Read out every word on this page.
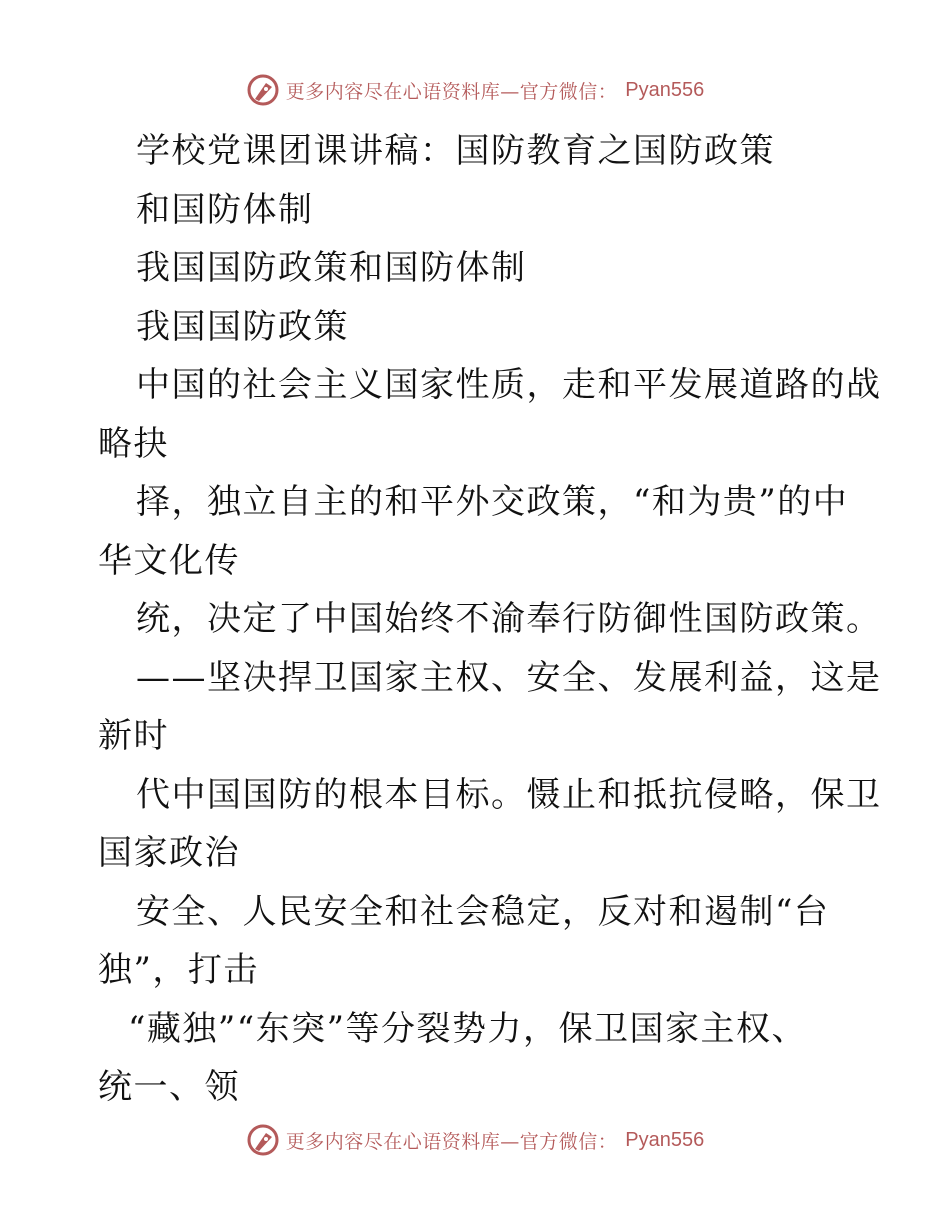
更多内容尽在心语资料库—官方微信： Pyan556
学校党课团课讲稿：国防教育之国防政策
和国防体制
我国国防政策和国防体制
我国国防政策
中国的社会主义国家性质，走和平发展道路的战
略抉
择，独立自主的和平外交政策，“和为贵”的中
华文化传
统，决定了中国始终不渝奉行防御性国防政策。
——坚决捍卫国家主权、安全、发展利益，这是
新时
代中国国防的根本目标。慑止和抵抗侵略，保卫
国家政治
安全、人民安全和社会稳定，反对和遏制“台
独”，打击
“藏独”“东突”等分裂势力，保卫国家主权、
统一、领
更多内容尽在心语资料库—官方微信： Pyan556
